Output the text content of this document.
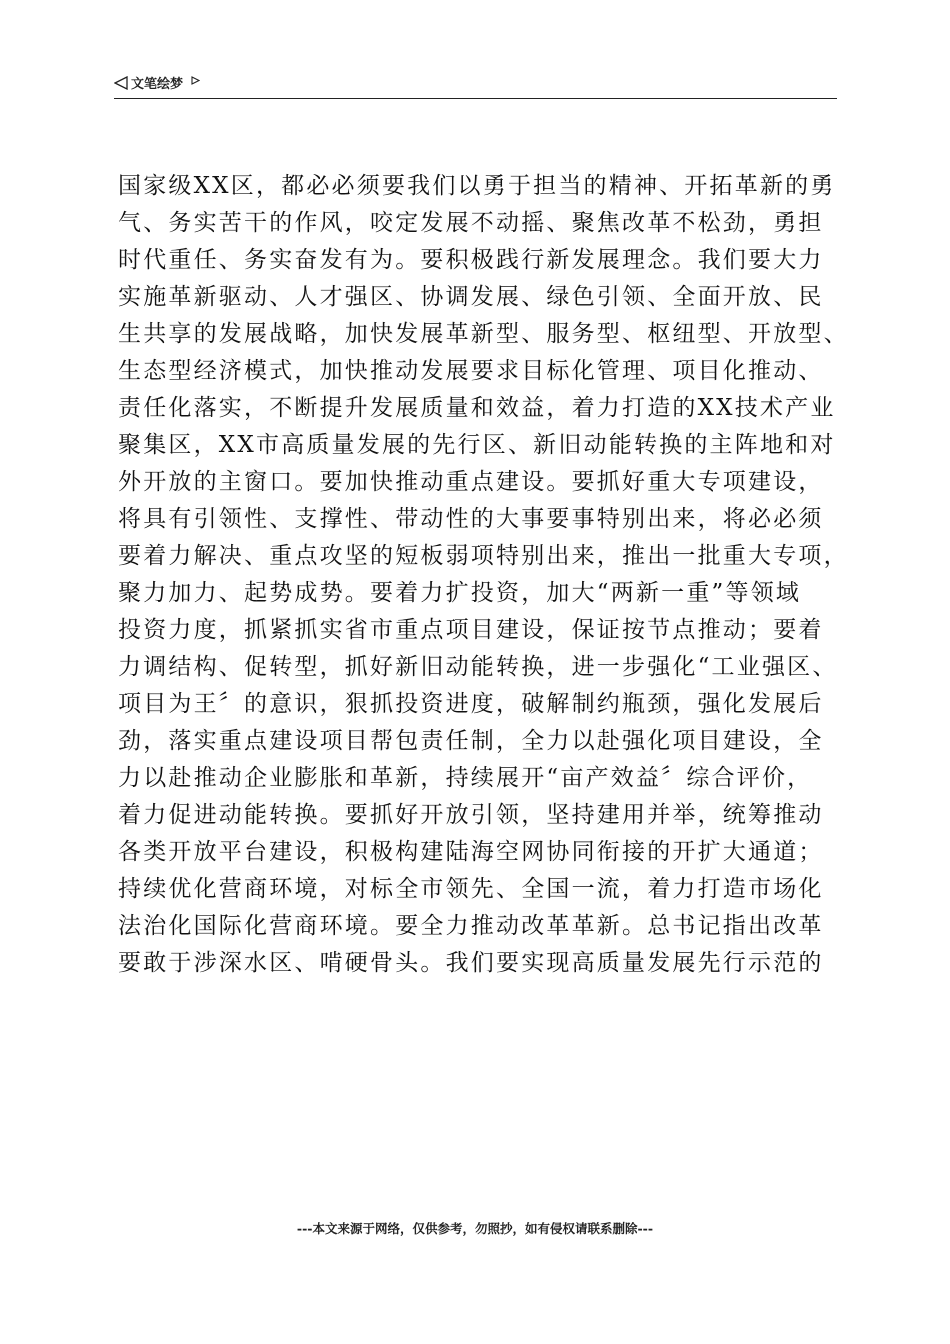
文笔绘梦
国家级XX区，都必必须要我们以勇于担当的精神、开拓革新的勇
气、务实苦干的作风，咬定发展不动摇、聚焦改革不松劲，勇担
时代重任、务实奋发有为。要积极践行新发展理念。我们要大力
实施革新驱动、人才强区、协调发展、绿色引领、全面开放、民
生共享的发展战略，加快发展革新型、服务型、枢纽型、开放型、
生态型经济模式，加快推动发展要求目标化管理、项目化推动、
责任化落实，不断提升发展质量和效益，着力打造的XX技术产业
聚集区，XX市高质量发展的先行区、新旧动能转换的主阵地和对
外开放的主窗口。要加快推动重点建设。要抓好重大专项建设，
将具有引领性、支撑性、带动性的大事要事特别出来，将必必须
要着力解决、重点攻坚的短板弱项特别出来，推出一批重大专项，
聚力加力、起势成势。要着力扩投资，加大“两新一重”等领域
投资力度，抓紧抓实省市重点项目建设，保证按节点推动；要着
力调结构、促转型，抓好新旧动能转换，进一步强化“工业强区、
项目为王〞的意识，狠抓投资进度，破解制约瓶颈，强化发展后
劲，落实重点建设项目帮包责任制，全力以赴强化项目建设，全
力以赴推动企业膨胀和革新，持续展开“亩产效益〞综合评价，
着力促进动能转换。要抓好开放引领，坚持建用并举，统筹推动
各类开放平台建设，积极构建陆海空网协同衔接的开扩大通道；
持续优化营商环境，对标全市领先、全国一流，着力打造市场化
法治化国际化营商环境。要全力推动改革革新。总书记指出改革
要敢于涉深水区、啃硬骨头。我们要实现高质量发展先行示范的
---本文来源于网络，仅供参考，勿照抄，如有侵权请联系删除---
